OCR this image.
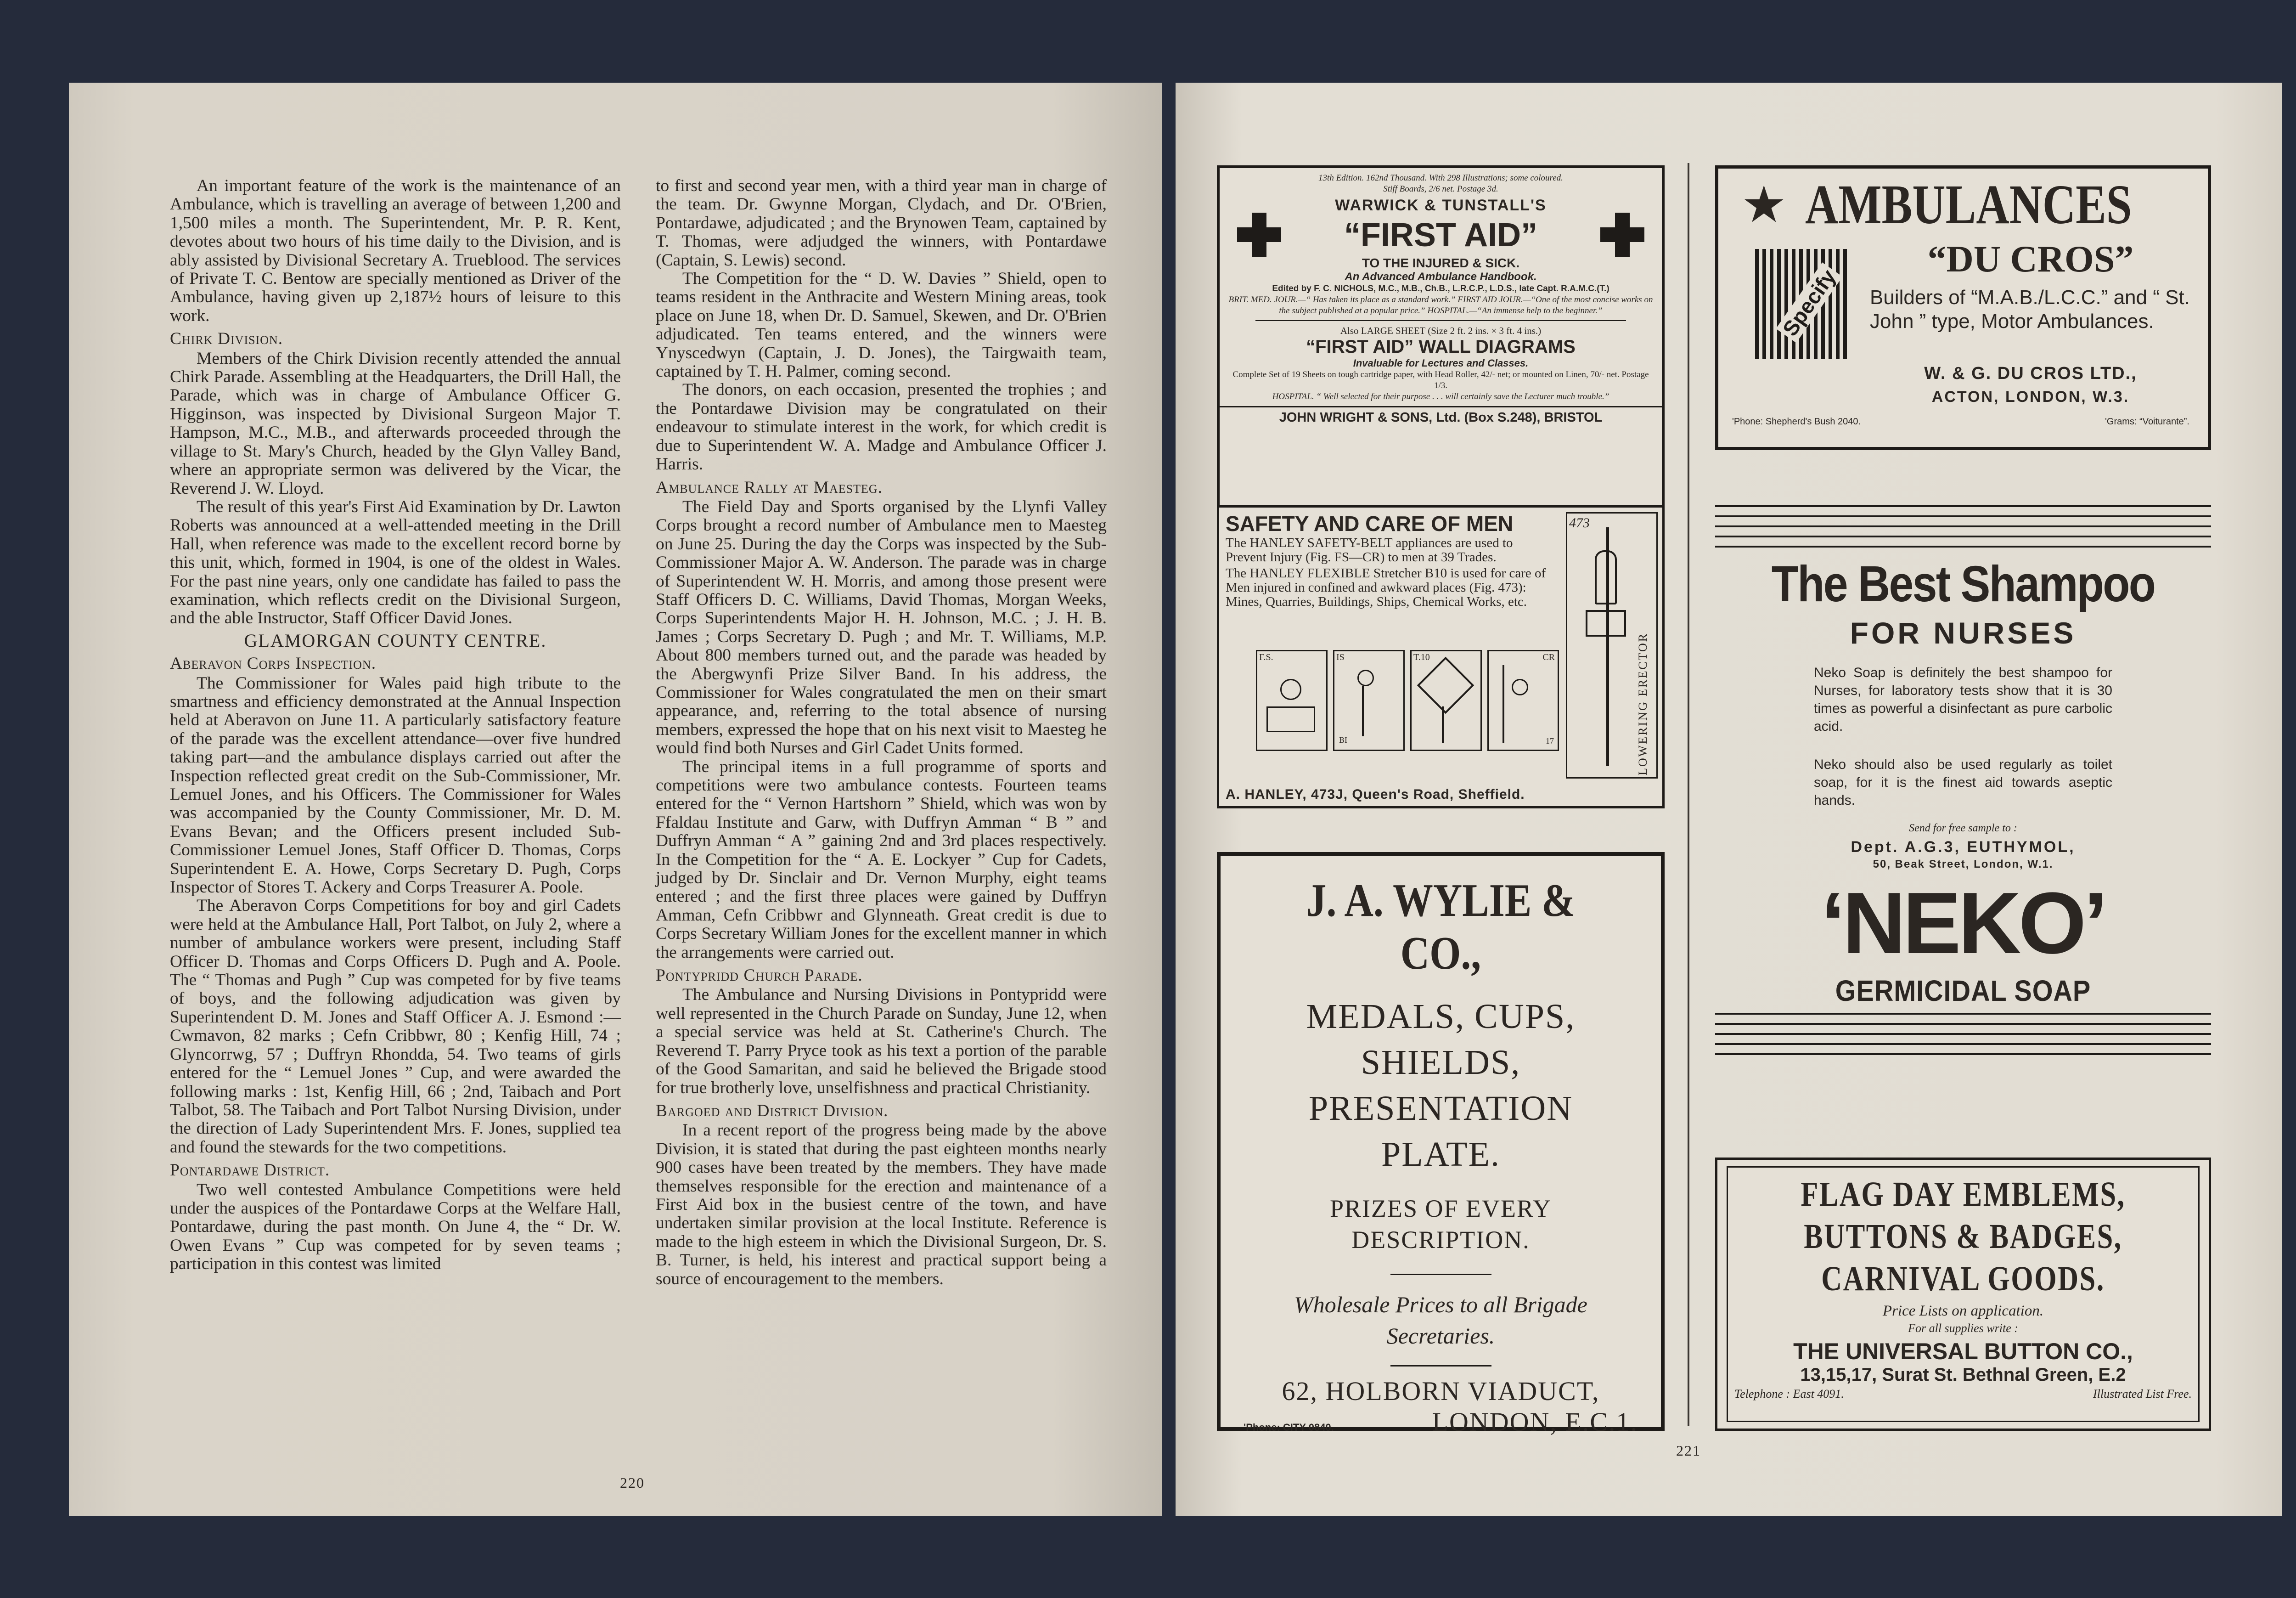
An important feature of the work is the maintenance of an Ambulance, which is travelling an average of between 1,200 and 1,500 miles a month. The Superintendent, Mr. P. R. Kent, devotes about two hours of his time daily to the Division, and is ably assisted by Divisional Secretary A. Trueblood. The services of Private T. C. Bentow are specially mentioned as Driver of the Ambulance, having given up 2,187½ hours of leisure to this work.

Chirk Division.

Members of the Chirk Division recently attended the annual Chirk Parade. Assembling at the Headquarters, the Drill Hall, the Parade, which was in charge of Ambulance Officer G. Higginson, was inspected by Divisional Surgeon Major T. Hampson, M.C., M.B., and afterwards proceeded through the village to St. Mary's Church, headed by the Glyn Valley Band, where an appropriate sermon was delivered by the Vicar, the Reverend J. W. Lloyd.

The result of this year's First Aid Examination by Dr. Lawton Roberts was announced at a well-attended meeting in the Drill Hall, when reference was made to the excellent record borne by this unit, which, formed in 1904, is one of the oldest in Wales. For the past nine years, only one candidate has failed to pass the examination, which reflects credit on the Divisional Surgeon, and the able Instructor, Staff Officer David Jones.

GLAMORGAN COUNTY CENTRE.

Aberavon Corps Inspection.

The Commissioner for Wales paid high tribute to the smartness and efficiency demonstrated at the Annual Inspection held at Aberavon on June 11. A particularly satisfactory feature of the parade was the excellent attendance—over five hundred taking part—and the ambulance displays carried out after the Inspection reflected great credit on the Sub-Commissioner, Mr. Lemuel Jones, and his Officers. The Commissioner for Wales was accompanied by the County Commissioner, Mr. D. M. Evans Bevan; and the Officers present included Sub-Commissioner Lemuel Jones, Staff Officer D. Thomas, Corps Superintendent E. A. Howe, Corps Secretary D. Pugh, Corps Inspector of Stores T. Ackery and Corps Treasurer A. Poole.

The Aberavon Corps Competitions for boy and girl Cadets were held at the Ambulance Hall, Port Talbot, on July 2, where a number of ambulance workers were present, including Staff Officer D. Thomas and Corps Officers D. Pugh and A. Poole. The “ Thomas and Pugh ” Cup was competed for by five teams of boys, and the following adjudication was given by Superintendent D. M. Jones and Staff Officer A. J. Esmond :—Cwmavon, 82 marks ; Cefn Cribbwr, 80 ; Kenfig Hill, 74 ; Glyncorrwg, 57 ; Duffryn Rhondda, 54. Two teams of girls entered for the “ Lemuel Jones ” Cup, and were awarded the following marks : 1st, Kenfig Hill, 66 ; 2nd, Taibach and Port Talbot, 58. The Taibach and Port Talbot Nursing Division, under the direction of Lady Superintendent Mrs. F. Jones, supplied tea and found the stewards for the two competitions.

Pontardawe District.

Two well contested Ambulance Competitions were held under the auspices of the Pontardawe Corps at the Welfare Hall, Pontardawe, during the past month. On June 4, the “ Dr. W. Owen Evans ” Cup was competed for by seven teams ; participation in this contest was limited

to first and second year men, with a third year man in charge of the team. Dr. Gwynne Morgan, Clydach, and Dr. O'Brien, Pontardawe, adjudicated ; and the Brynowen Team, captained by T. Thomas, were adjudged the winners, with Pontardawe (Captain, S. Lewis) second.

The Competition for the “ D. W. Davies ” Shield, open to teams resident in the Anthracite and Western Mining areas, took place on June 18, when Dr. D. Samuel, Skewen, and Dr. O'Brien adjudicated. Ten teams entered, and the winners were Ynyscedwyn (Captain, J. D. Jones), the Tairgwaith team, captained by T. H. Palmer, coming second.

The donors, on each occasion, presented the trophies ; and the Pontardawe Division may be congratulated on their endeavour to stimulate interest in the work, for which credit is due to Superintendent W. A. Madge and Ambulance Officer J. Harris.

Ambulance Rally at Maesteg.

The Field Day and Sports organised by the Llynfi Valley Corps brought a record number of Ambulance men to Maesteg on June 25. During the day the Corps was inspected by the Sub-Commissioner Major A. W. Anderson. The parade was in charge of Superintendent W. H. Morris, and among those present were Staff Officers D. C. Williams, David Thomas, Morgan Weeks, Corps Superintendents Major H. H. Johnson, M.C. ; J. H. B. James ; Corps Secretary D. Pugh ; and Mr. T. Williams, M.P. About 800 members turned out, and the parade was headed by the Abergwynfi Prize Silver Band. In his address, the Commissioner for Wales congratulated the men on their smart appearance, and, referring to the total absence of nursing members, expressed the hope that on his next visit to Maesteg he would find both Nurses and Girl Cadet Units formed.

The principal items in a full programme of sports and competitions were two ambulance contests. Fourteen teams entered for the “ Vernon Hartshorn ” Shield, which was won by Ffaldau Institute and Garw, with Duffryn Amman “ B ” and Duffryn Amman “ A ” gaining 2nd and 3rd places respectively. In the Competition for the “ A. E. Lockyer ” Cup for Cadets, judged by Dr. Sinclair and Dr. Vernon Murphy, eight teams entered ; and the first three places were gained by Duffryn Amman, Cefn Cribbwr and Glynneath. Great credit is due to Corps Secretary William Jones for the excellent manner in which the arrangements were carried out.

Pontypridd Church Parade.

The Ambulance and Nursing Divisions in Pontypridd were well represented in the Church Parade on Sunday, June 12, when a special service was held at St. Catherine's Church. The Reverend T. Parry Pryce took as his text a portion of the parable of the Good Samaritan, and said he believed the Brigade stood for true brotherly love, unselfishness and practical Christianity.

Bargoed and District Division.

In a recent report of the progress being made by the above Division, it is stated that during the past eighteen months nearly 900 cases have been treated by the members. They have made themselves responsible for the erection and maintenance of a First Aid box in the busiest centre of the town, and have undertaken similar provision at the local Institute. Reference is made to the high esteem in which the Divisional Surgeon, Dr. S. B. Turner, is held, his interest and practical support being a source of encouragement to the members.

220
13th Edition. 162nd Thousand. With 298 Illustrations; some coloured.
Stiff Boards, 2/6 net. Postage 3d.
WARWICK & TUNSTALL'S
“FIRST AID”
TO THE INJURED & SICK.
An Advanced Ambulance Handbook.
Edited by F. C. NICHOLS, M.C., M.B., Ch.B., L.R.C.P., L.D.S., late Capt. R.A.M.C.(T.)
BRIT. MED. JOUR.—“ Has taken its place as a standard work.” FIRST AID JOUR.—“One of the most concise works on the subject published at a popular price.” HOSPITAL.—“An immense help to the beginner.”
Also LARGE SHEET (Size 2 ft. 2 ins. × 3 ft. 4 ins.)
“FIRST AID” WALL DIAGRAMS
Invaluable for Lectures and Classes.
Complete Set of 19 Sheets on tough cartridge paper, with Head Roller, 42/- net; or mounted on Linen, 70/- net. Postage 1/3.
HOSPITAL. “ Well selected for their purpose . . . will certainly save the Lecturer much trouble.”
JOHN WRIGHT & SONS, Ltd. (Box S.248), BRISTOL
★ AMBULANCES
Specify
“DU CROS”
Builders of “M.A.B./L.C.C.” and “ St. John ” type, Motor Ambulances.
W. & G. DU CROS LTD.,
ACTON, LONDON, W.3.
'Phone: Shepherd's Bush 2040.	'Grams: “Voiturante”.
SAFETY AND CARE OF MEN
The HANLEY SAFETY-BELT appliances are used to Prevent Injury (Fig. FS—CR) to men at 39 Trades.
The HANLEY FLEXIBLE Stretcher B10 is used for care of Men injured in confined and awkward places (Fig. 473): Mines, Quarries, Buildings, Ships, Chemical Works, etc.
473
LOWERING ERECTOR
F.S.	IS
BI
T.10	CR
17
A. HANLEY, 473J, Queen's Road, Sheffield.
The Best Shampoo
FOR NURSES
Neko Soap is definitely the best shampoo for Nurses, for laboratory tests show that it is 30 times as powerful a disinfectant as pure carbolic acid.
Neko should also be used regularly as toilet soap, for it is the finest aid towards aseptic hands.
Send for free sample to :
Dept. A.G.3, EUTHYMOL,
50, Beak Street, London, W.1.
‘NEKO’
GERMICIDAL SOAP
J. A. WYLIE & CO.,
MEDALS, CUPS,
SHIELDS,
PRESENTATION
PLATE.
PRIZES OF EVERY DESCRIPTION.
Wholesale Prices to all Brigade Secretaries.
62, HOLBORN VIADUCT,
'Phone: CITY 0840.	LONDON, E.C.1.
FLAG DAY EMBLEMS, BUTTONS & BADGES, CARNIVAL GOODS.
Price Lists on application.
For all supplies write :
THE UNIVERSAL BUTTON CO.,
13,15,17, Surat St. Bethnal Green, E.2
Telephone : East 4091.	Illustrated List Free.
221
